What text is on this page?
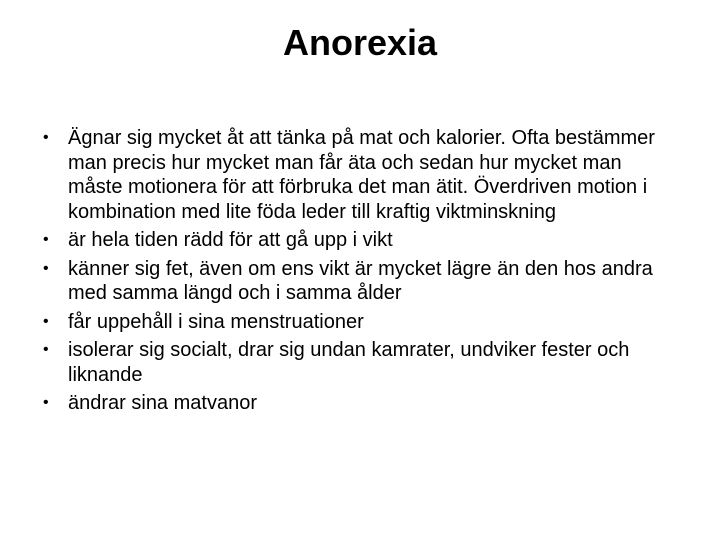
Anorexia
• Ägnar sig mycket åt att tänka på mat och kalorier. Ofta bestämmer man precis hur mycket man får äta och sedan hur mycket man måste motionera för att förbruka det man ätit. Överdriven motion i kombination med lite föda leder till kraftig viktminskning
• är hela tiden rädd för att gå upp i vikt
• känner sig fet, även om ens vikt är mycket lägre än den hos andra med samma längd och i samma ålder
• får uppehåll i sina menstruationer
• isolerar sig socialt, drar sig undan kamrater, undviker fester och liknande
• ändrar sina matvanor
